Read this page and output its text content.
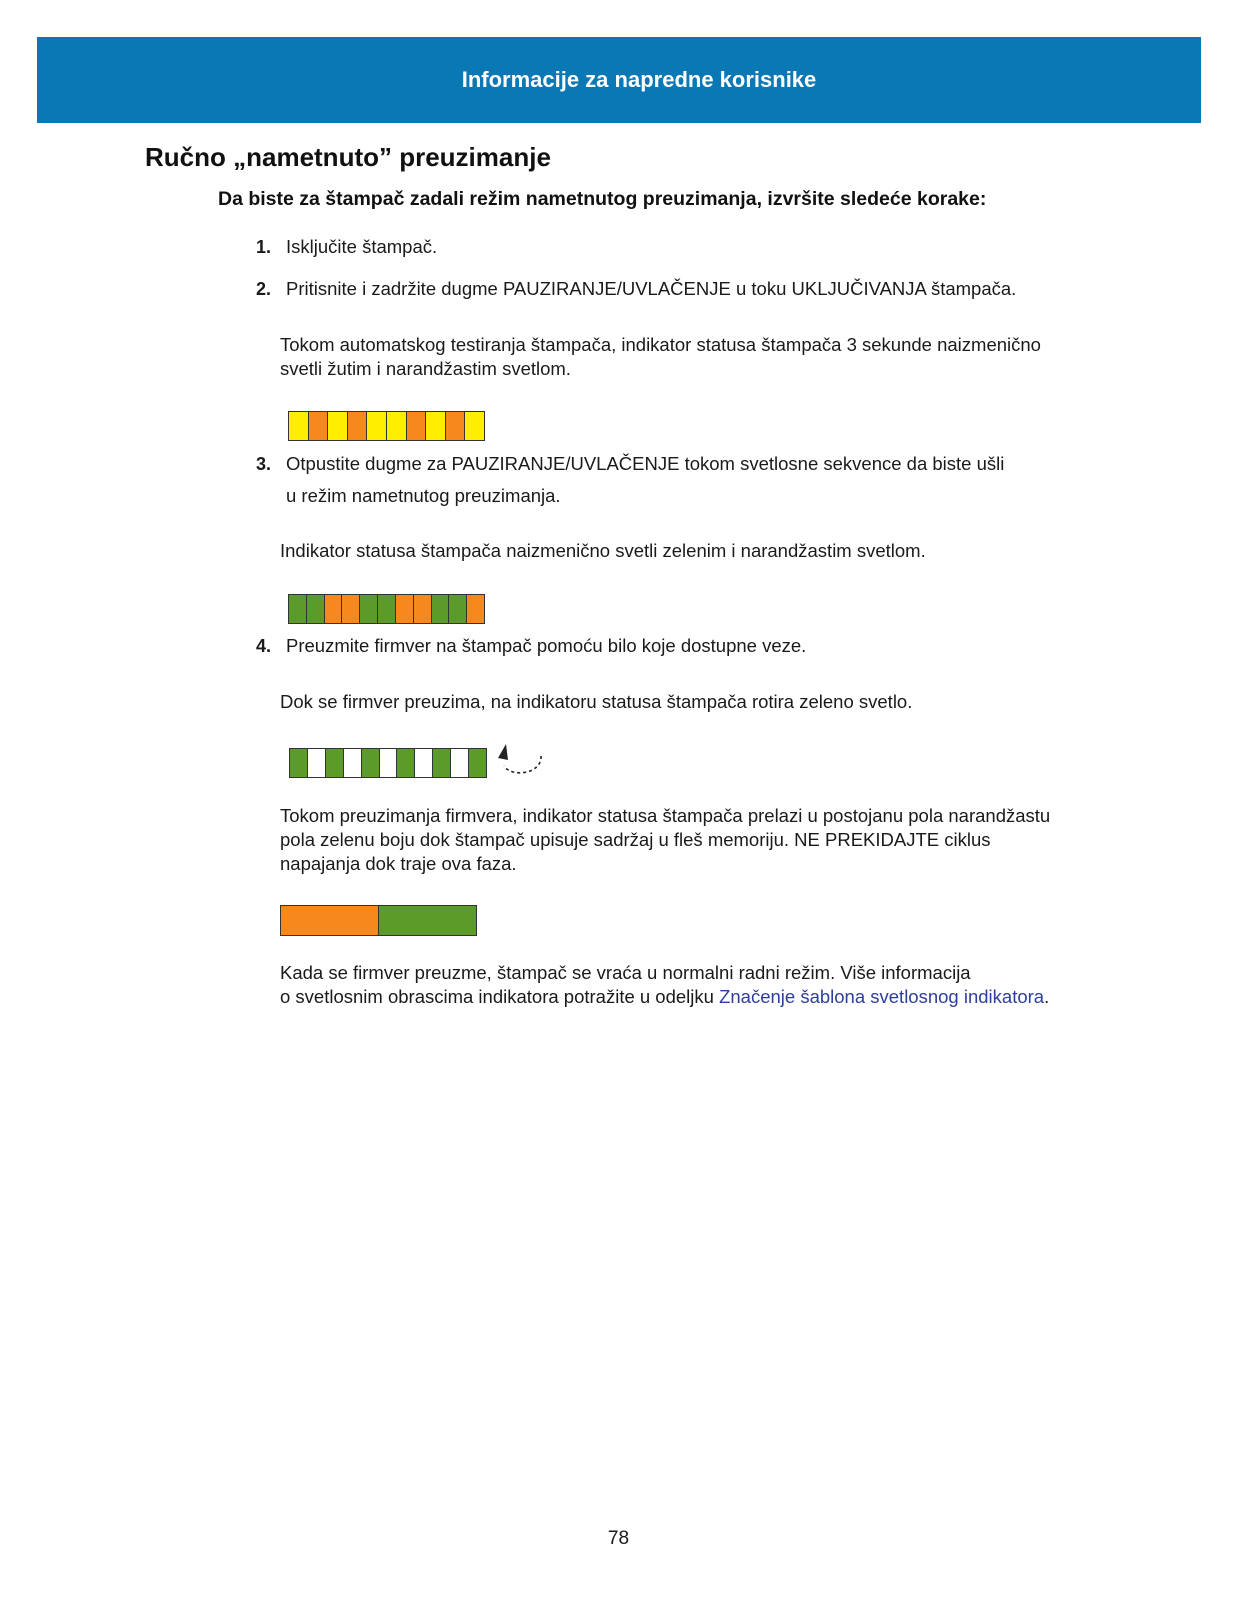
Informacije za napredne korisnike
Ručno „nametnuto” preuzimanje
Da biste za štampač zadali režim nametnutog preuzimanja, izvršite sledeće korake:
1. Isključite štampač.
2. Pritisnite i zadržite dugme PAUZIRANJE/UVLAČENJE u toku UKLJUČIVANJA štampača.
Tokom automatskog testiranja štampača, indikator statusa štampača 3 sekunde naizmenično
svetli žutim i narandžastim svetlom.
3. Otpustite dugme za PAUZIRANJE/UVLAČENJE tokom svetlosne sekvence da biste ušli
u režim nametnutog preuzimanja.
Indikator statusa štampača naizmenično svetli zelenim i narandžastim svetlom.
4. Preuzmite firmver na štampač pomoću bilo koje dostupne veze.
Dok se firmver preuzima, na indikatoru statusa štampača rotira zeleno svetlo.
Tokom preuzimanja firmvera, indikator statusa štampača prelazi u postojanu pola narandžastu
pola zelenu boju dok štampač upisuje sadržaj u fleš memoriju. NE PREKIDAJTE ciklus
napajanja dok traje ova faza.
Kada se firmver preuzme, štampač se vraća u normalni radni režim. Više informacija
o svetlosnim obrascima indikatora potražite u odeljku Značenje šablona svetlosnog indikatora.
78
